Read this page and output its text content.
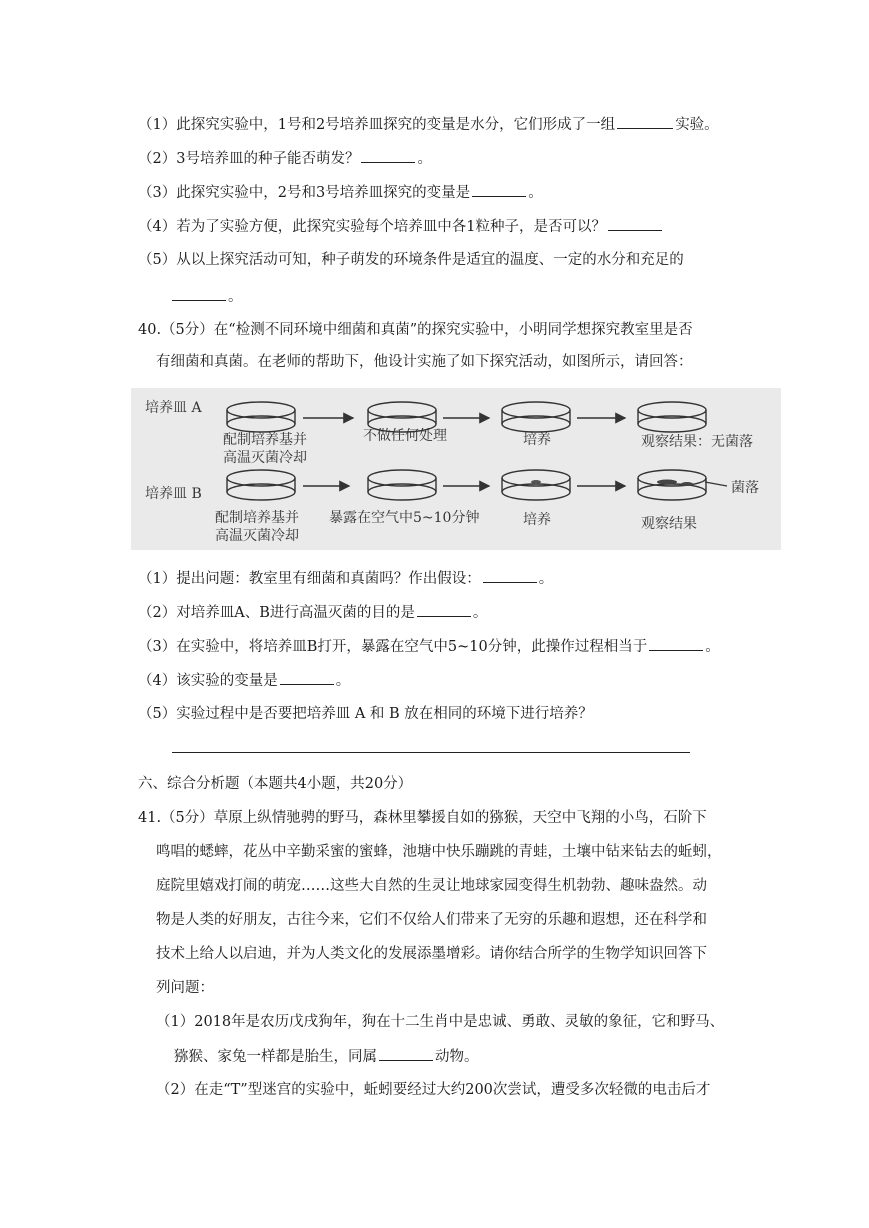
（1）此探究实验中，1号和2号培养皿探究的变量是水分，它们形成了一组	实验。
（2）3号培养皿的种子能否萌发？	。
（3）此探究实验中，2号和3号培养皿探究的变量是	。
（4）若为了实验方便，此探究实验每个培养皿中各1粒种子，是否可以？
（5）从以上探究活动可知，种子萌发的环境条件是适宜的温度、一定的水分和充足的
。
40.（5分）在“检测不同环境中细菌和真菌”的探究实验中，小明同学想探究教室里是否
有细菌和真菌。在老师的帮助下，他设计实施了如下探究活动，如图所示，请回答：
培养皿 A
配制培养基并
高温灭菌冷却
不做任何处理	培养	观察结果：无菌落
培养皿 B	菌落
配制培养基并
高温灭菌冷却
暴露在空气中5~10分钟	培养	观察结果
（1）提出问题：教室里有细菌和真菌吗？作出假设：	。
（2）对培养皿A、B进行高温灭菌的目的是	。
（3）在实验中，将培养皿B打开，暴露在空气中5~10分钟，此操作过程相当于	。
（4）该实验的变量是	。
（5）实验过程中是否要把培养皿 A 和 B 放在相同的环境下进行培养？
六、综合分析题（本题共4小题，共20分）
41.（5分）草原上纵情驰骋的野马，森林里攀援自如的猕猴，天空中飞翔的小鸟，石阶下
鸣唱的蟋蟀，花丛中辛勤采蜜的蜜蜂，池塘中快乐蹦跳的青蛙，土壤中钻来钻去的蚯蚓，
庭院里嬉戏打闹的萌宠……这些大自然的生灵让地球家园变得生机勃勃、趣味盎然。动
物是人类的好朋友，古往今来，它们不仅给人们带来了无穷的乐趣和遐想，还在科学和
技术上给人以启迪，并为人类文化的发展添墨增彩。请你结合所学的生物学知识回答下
列问题：
（1）2018年是农历戊戌狗年，狗在十二生肖中是忠诚、勇敢、灵敏的象征，它和野马、
猕猴、家兔一样都是胎生，同属	动物。
（2）在走“T”型迷宫的实验中，蚯蚓要经过大约200次尝试，遭受多次轻微的电击后才
